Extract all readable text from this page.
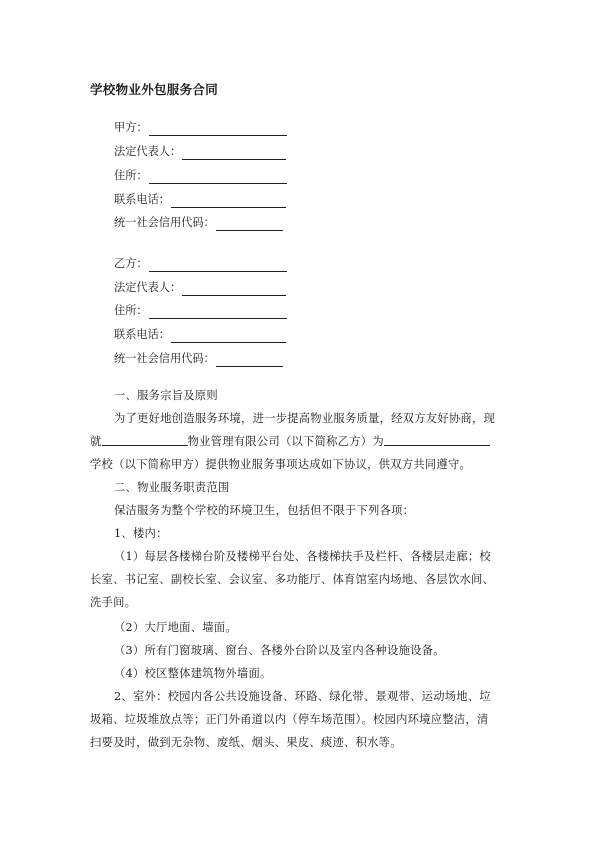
学校物业外包服务合同
甲方：
法定代表人：
住所：
联系电话：
统一社会信用代码：
乙方：
法定代表人：
住所：
联系电话：
统一社会信用代码：
一、服务宗旨及原则
为了更好地创造服务环境，进一步提高物业服务质量，经双方友好协商，现
就	物业管理有限公司（以下简称乙方）为
学校（以下简称甲方）提供物业服务事项达成如下协议，供双方共同遵守。
二、物业服务职责范围
保洁服务为整个学校的环境卫生，包括但不限于下列各项：
1、楼内：
（1）每层各楼梯台阶及楼梯平台处、各楼梯扶手及栏杆、各楼层走廊；校
长室、书记室、副校长室、会议室、多功能厅、体育馆室内场地、各层饮水间、
洗手间。
（2）大厅地面、墙面。
（3）所有门窗玻璃、窗台、各楼外台阶以及室内各种设施设备。
（4）校区整体建筑物外墙面。
2、室外：校园内各公共设施设备、环路、绿化带、景观带、运动场地、垃
圾箱、垃圾堆放点等；正门外甬道以内（停车场范围）。校园内环境应整洁，清
扫要及时，做到无杂物、废纸、烟头、果皮、痰迹、积水等。
